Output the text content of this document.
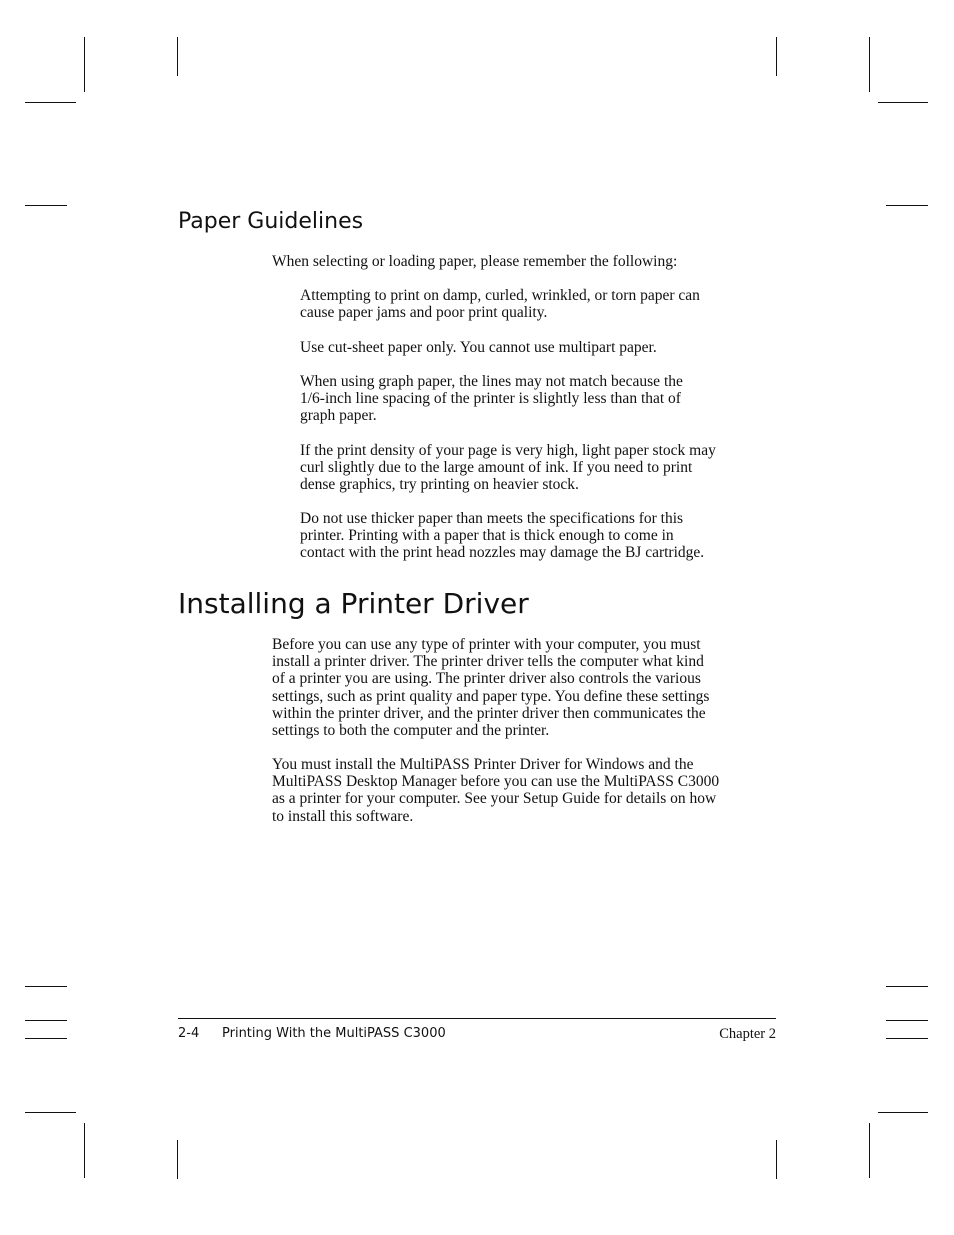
Paper Guidelines

When selecting or loading paper, please remember the following:

Attempting to print on damp, curled, wrinkled, or torn paper can
cause paper jams and poor print quality.

Use cut-sheet paper only. You cannot use multipart paper.

When using graph paper, the lines may not match because the
1/6-inch line spacing of the printer is slightly less than that of
graph paper.

If the print density of your page is very high, light paper stock may
curl slightly due to the large amount of ink. If you need to print
dense graphics, try printing on heavier stock.

Do not use thicker paper than meets the specifications for this
printer. Printing with a paper that is thick enough to come in
contact with the print head nozzles may damage the BJ cartridge.

Installing a Printer Driver

Before you can use any type of printer with your computer, you must
install a printer driver. The printer driver tells the computer what kind
of a printer you are using. The printer driver also controls the various
settings, such as print quality and paper type. You define these settings
within the printer driver, and the printer driver then communicates the
settings to both the computer and the printer.

You must install the MultiPASS Printer Driver for Windows and the
MultiPASS Desktop Manager before you can use the MultiPASS C3000
as a printer for your computer. See your Setup Guide for details on how
to install this software.

2-4 Printing With the MultiPASS C3000	Chapter 2
